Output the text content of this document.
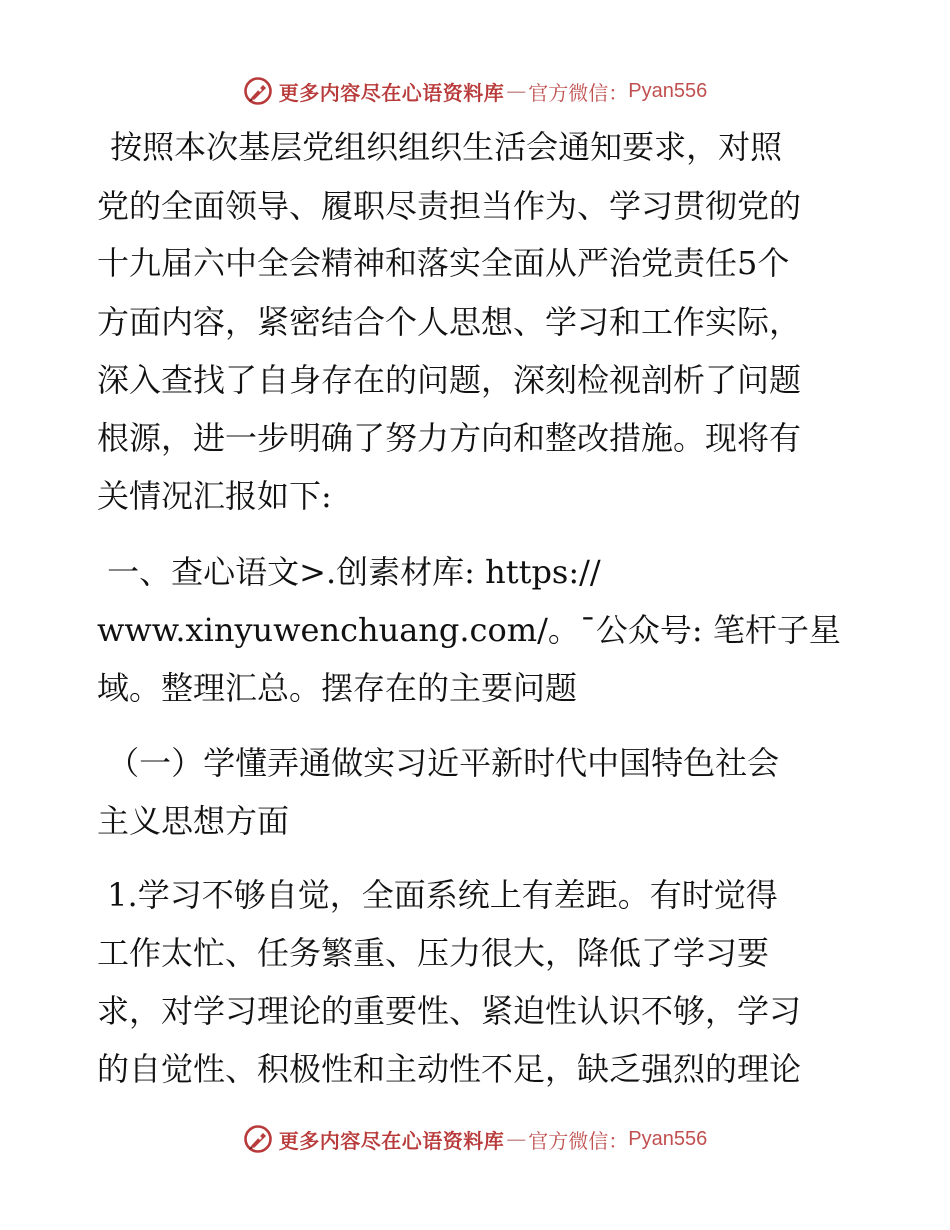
更多内容尽在心语资料库 — 官方微信： Pyan556
按照本次基层党组织组织生活会通知要求，对照
党的全面领导、履职尽责担当作为、学习贯彻党的
十九届六中全会精神和落实全面从严治党责任5个
方面内容，紧密结合个人思想、学习和工作实际，
深入查找了自身存在的问题，深刻检视剖析了问题
根源，进一步明确了努力方向和整改措施。现将有
关情况汇报如下:
一、查心语文>.创素材库: https://
www.xinyuwenchuang.com/。¯公众号: 笔杆子星
域。整理汇总。摆存在的主要问题
（一）学懂弄通做实习近平新时代中国特色社会
主义思想方面
1.学习不够自觉，全面系统上有差距。有时觉得
工作太忙、任务繁重、压力很大，降低了学习要
求，对学习理论的重要性、紧迫性认识不够，学习
的自觉性、积极性和主动性不足，缺乏强烈的理论
更多内容尽在心语资料库 — 官方微信： Pyan556
